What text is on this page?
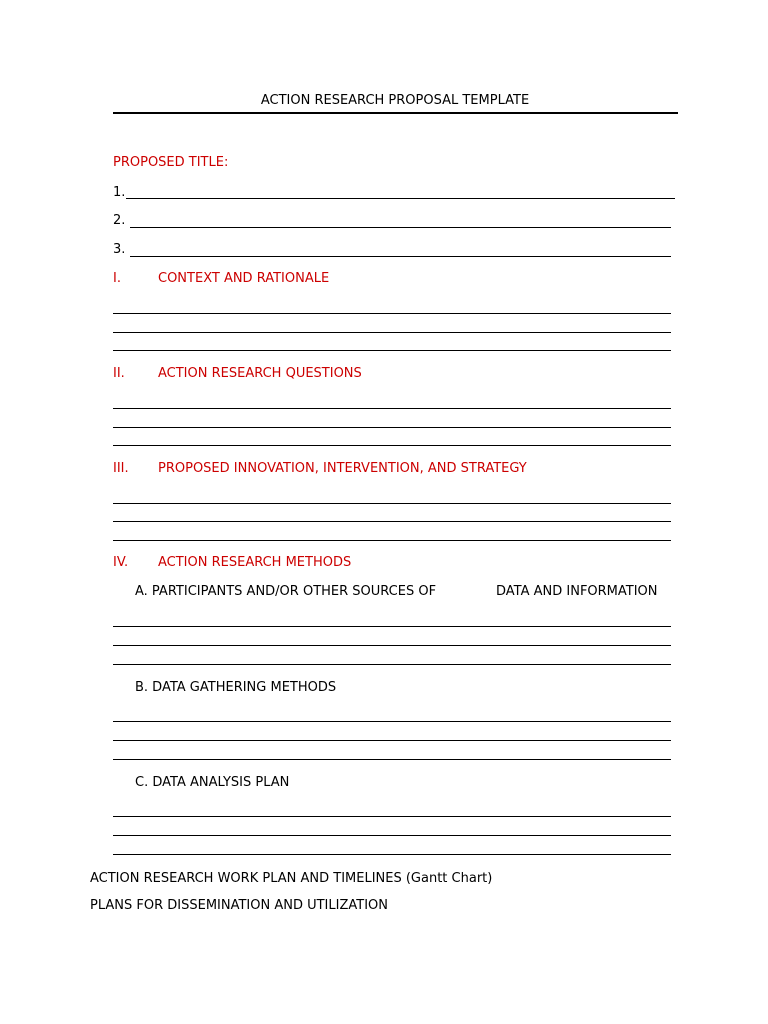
ACTION RESEARCH PROPOSAL TEMPLATE
PROPOSED TITLE:
1.
2.
3.
I.	CONTEXT AND RATIONALE
II.	ACTION RESEARCH QUESTIONS
III. PROPOSED INNOVATION, INTERVENTION, AND STRATEGY
IV. ACTION RESEARCH METHODS
A. PARTICIPANTS AND/OR OTHER SOURCES OF	DATA AND INFORMATION
B. DATA GATHERING METHODS
C. DATA ANALYSIS PLAN
ACTION RESEARCH WORK PLAN AND TIMELINES (Gantt Chart)
PLANS FOR DISSEMINATION AND UTILIZATION
